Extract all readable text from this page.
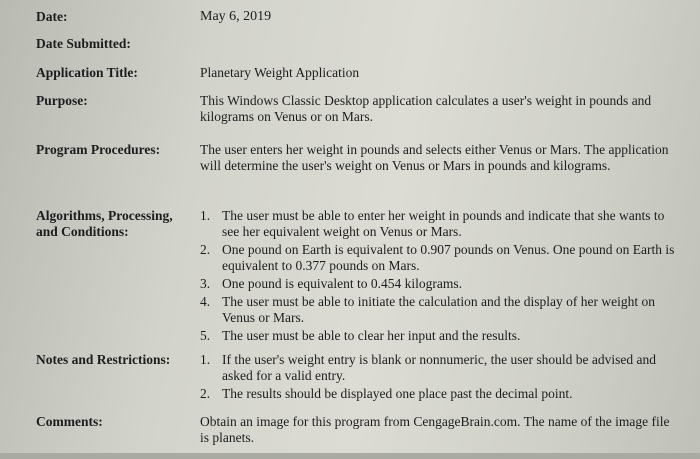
Date:	May 6, 2019
Date Submitted:
Application Title:	Planetary Weight Application
Purpose:	This Windows Classic Desktop application calculates a user's weight in pounds and kilograms on Venus or on Mars.
Program Procedures:	The user enters her weight in pounds and selects either Venus or Mars. The application will determine the user's weight on Venus or Mars in pounds and kilograms.
Algorithms, Processing,
and Conditions:
1. The user must be able to enter her weight in pounds and indicate that she wants to see her equivalent weight on Venus or Mars.
2. One pound on Earth is equivalent to 0.907 pounds on Venus. One pound on Earth is equivalent to 0.377 pounds on Mars.
3. One pound is equivalent to 0.454 kilograms.
4. The user must be able to initiate the calculation and the display of her weight on Venus or Mars.
5. The user must be able to clear her input and the results.
Notes and Restrictions: 1. If the user's weight entry is blank or nonnumeric, the user should be advised and asked for a valid entry.
2. The results should be displayed one place past the decimal point.
Comments:	Obtain an image for this program from CengageBrain.com. The name of the image file is planets.
